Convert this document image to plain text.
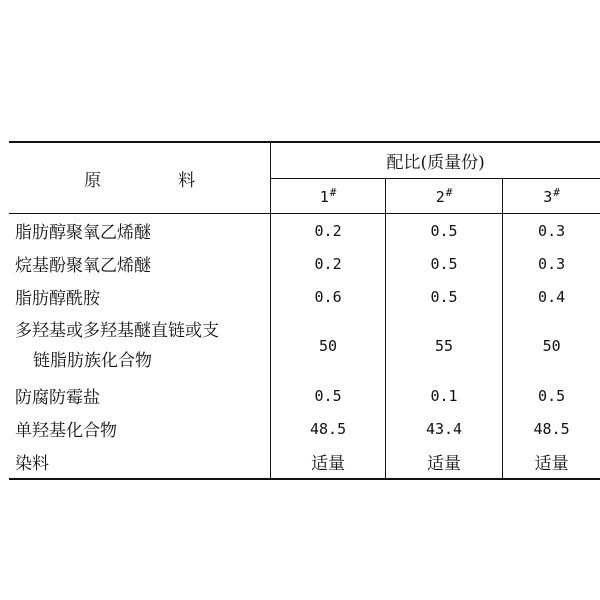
原　料	配比(质量份)		
	1#	2#	3#
脂肪醇聚氧乙烯醚	0.2	0.5	0.3
烷基酚聚氧乙烯醚	0.2	0.5	0.3
脂肪醇酰胺	0.6	0.5	0.4

多羟基或多羟基醚直链或支
链脂肪族化合物	50	55	50
防腐防霉盐	0.5	0.1	0.5
单羟基化合物	48.5	43.4	48.5
染料	适量	适量	适量
